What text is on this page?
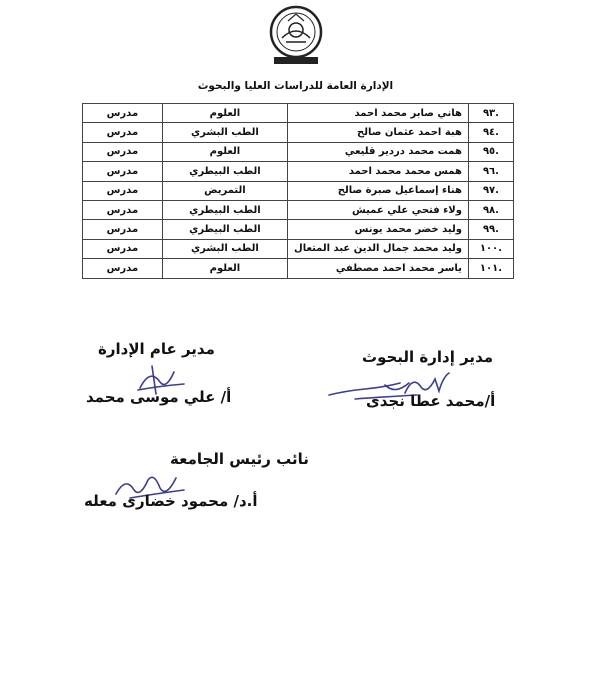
الإدارة العامة للدراسات العليا والبحوث
.٩٣	هاني صابر محمد احمد	العلوم	مدرس
.٩٤	هبة احمد عثمان صالح	الطب البشري	مدرس
.٩٥	همت محمد دردير قليعي	العلوم	مدرس
.٩٦	همس محمد محمد احمد	الطب البيطري	مدرس
.٩٧	هناء إسماعيل صبرة صالح	التمريض	مدرس
.٩٨	ولاء فتحي علي عميش	الطب البيطري	مدرس
.٩٩	وليد خضر محمد يونس	الطب البيطري	مدرس
.١٠٠	وليد محمد جمال الدين عبد المتعال	الطب البشري	مدرس
.١٠١	ياسر محمد احمد مصطفي	العلوم	مدرس
مدير إدارة البحوث
أ/محمد عطا نجدى
مدير عام الإدارة
أ/ علي موسى محمد
نائب رئيس الجامعة
أ.د/ محمود خضارى معله
